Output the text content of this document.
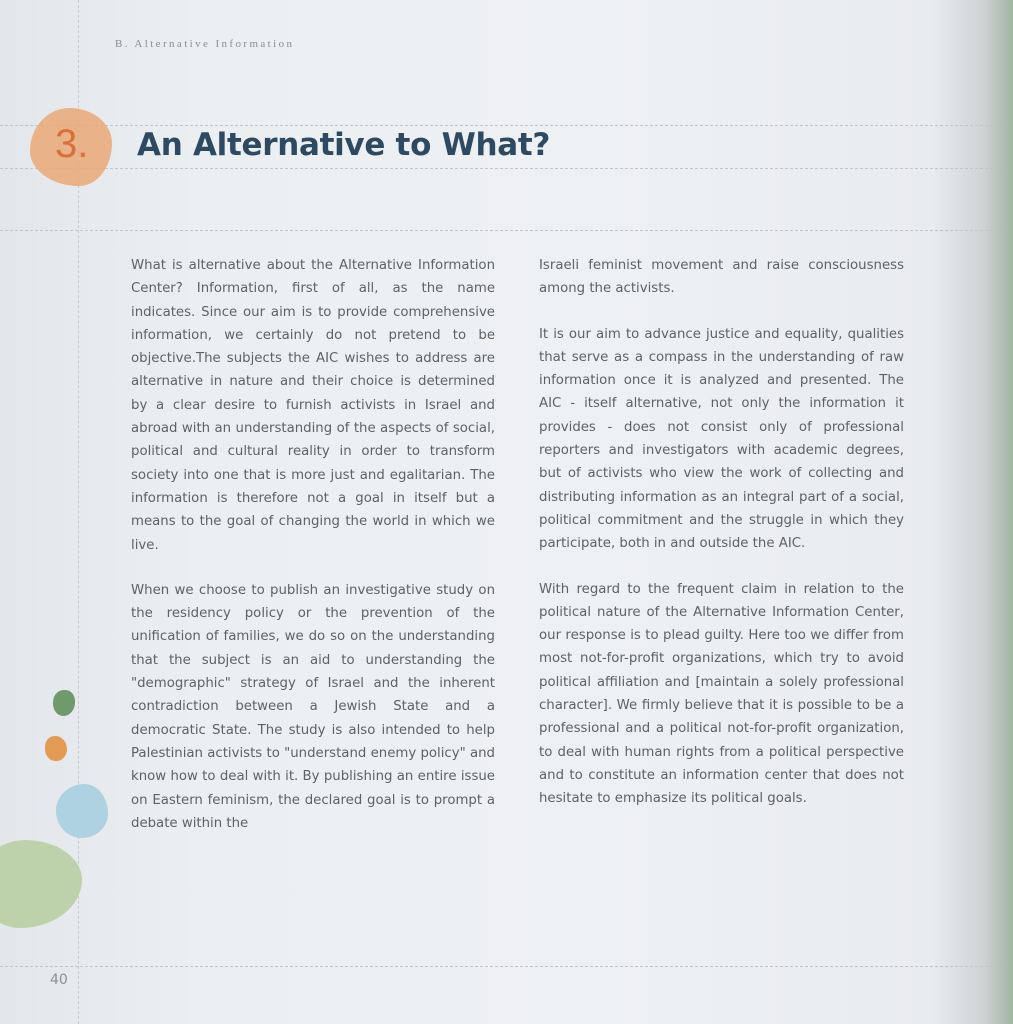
B. Alternative Information
3. An Alternative to What?

What is alternative about the Alternative Information Center? Information, first of all, as the name indicates. Since our aim is to provide comprehensive information, we certainly do not pretend to be objective.The subjects the AIC wishes to address are alternative in nature and their choice is determined by a clear desire to furnish activists in Israel and abroad with an understanding of the aspects of social, political and cultural reality in order to transform society into one that is more just and egalitarian. The information is therefore not a goal in itself but a means to the goal of changing the world in which we live.

When we choose to publish an investigative study on the residency policy or the prevention of the unification of families, we do so on the understanding that the subject is an aid to understanding the "demographic" strategy of Israel and the inherent contradiction between a Jewish State and a democratic State. The study is also intended to help Palestinian activists to "understand enemy policy" and know how to deal with it. By publishing an entire issue on Eastern feminism, the declared goal is to prompt a debate within the

Israeli feminist movement and raise consciousness among the activists.

It is our aim to advance justice and equality, qualities that serve as a compass in the understanding of raw information once it is analyzed and presented. The AIC - itself alternative, not only the information it provides - does not consist only of professional reporters and investigators with academic degrees, but of activists who view the work of collecting and distributing information as an integral part of a social, political commitment and the struggle in which they participate, both in and outside the AIC.

With regard to the frequent claim in relation to the political nature of the Alternative Information Center, our response is to plead guilty. Here too we differ from most not-for-profit organizations, which try to avoid political affiliation and [maintain a solely professional character]. We firmly believe that it is possible to be a professional and a political not-for-profit organization, to deal with human rights from a political perspective and to constitute an information center that does not hesitate to emphasize its political goals.

40
